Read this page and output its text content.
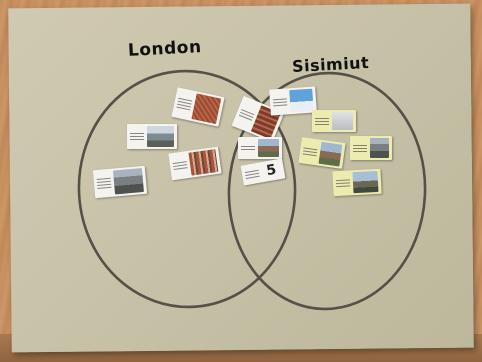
London
Sisimiut
5
